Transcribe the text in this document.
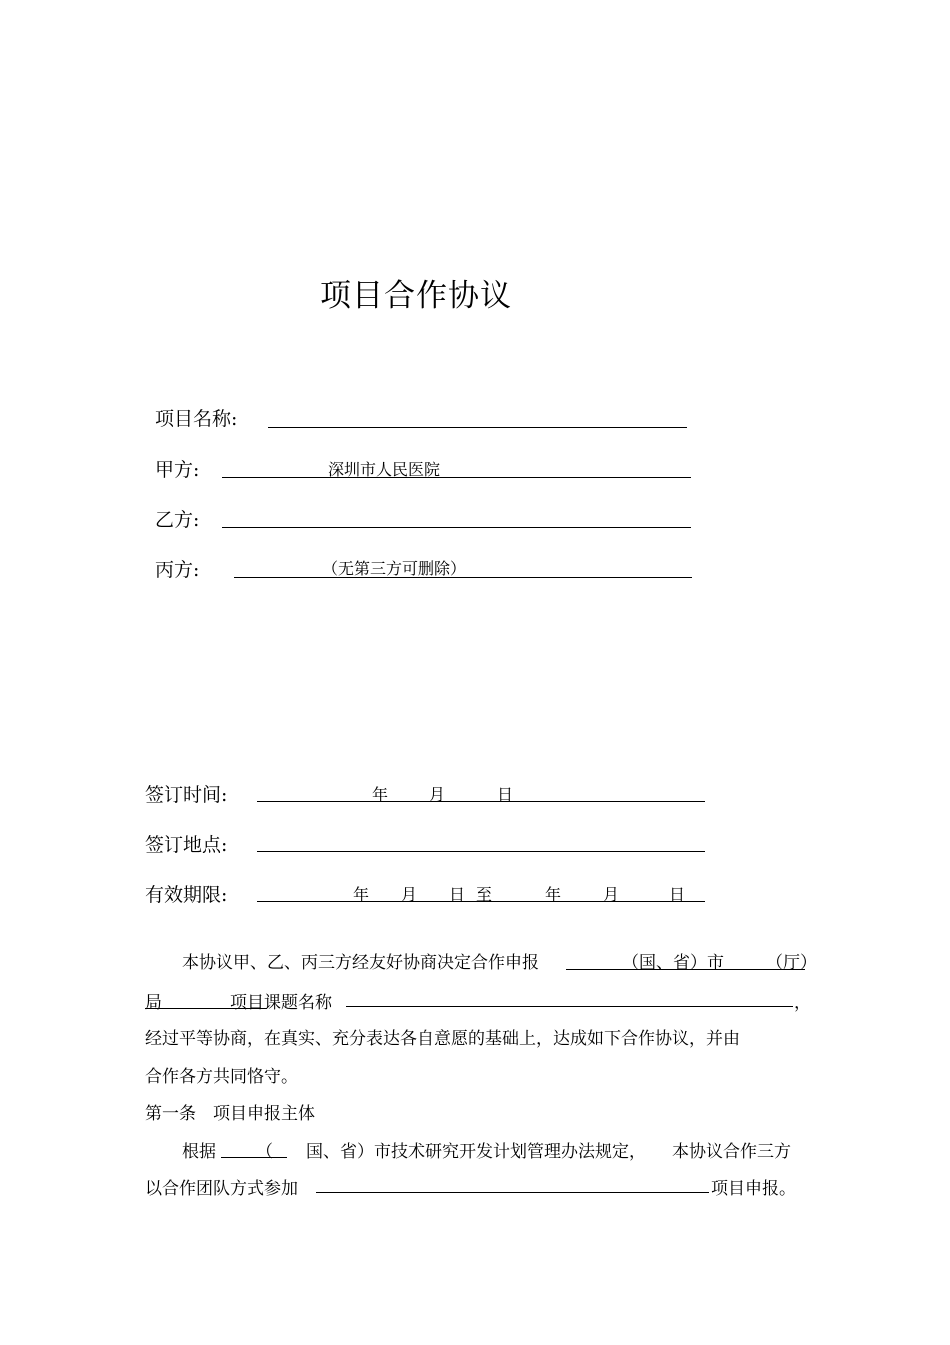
项目合作协议
项目名称:
甲方:	深圳市人民医院
乙方:
丙方:	（无第三方可删除）
签订时间:	年	月	日
签订地点:
有效期限:	年 月 日 至	年	月	日
本协议甲、乙、丙三方经友好协商决定合作申报	（国、省）市 （厅）
局	项目 课题名称	，
经过平等协商，在真实、充分表达各自意愿的基础上，达成如下合作协议，并由
合作各方共同恪守。
第一条　项目申报主体
根据 （ 国、省）市技术研究开发计划管理办法规定， 本协议合作三方
以合作团队方式参加	项目申报。
